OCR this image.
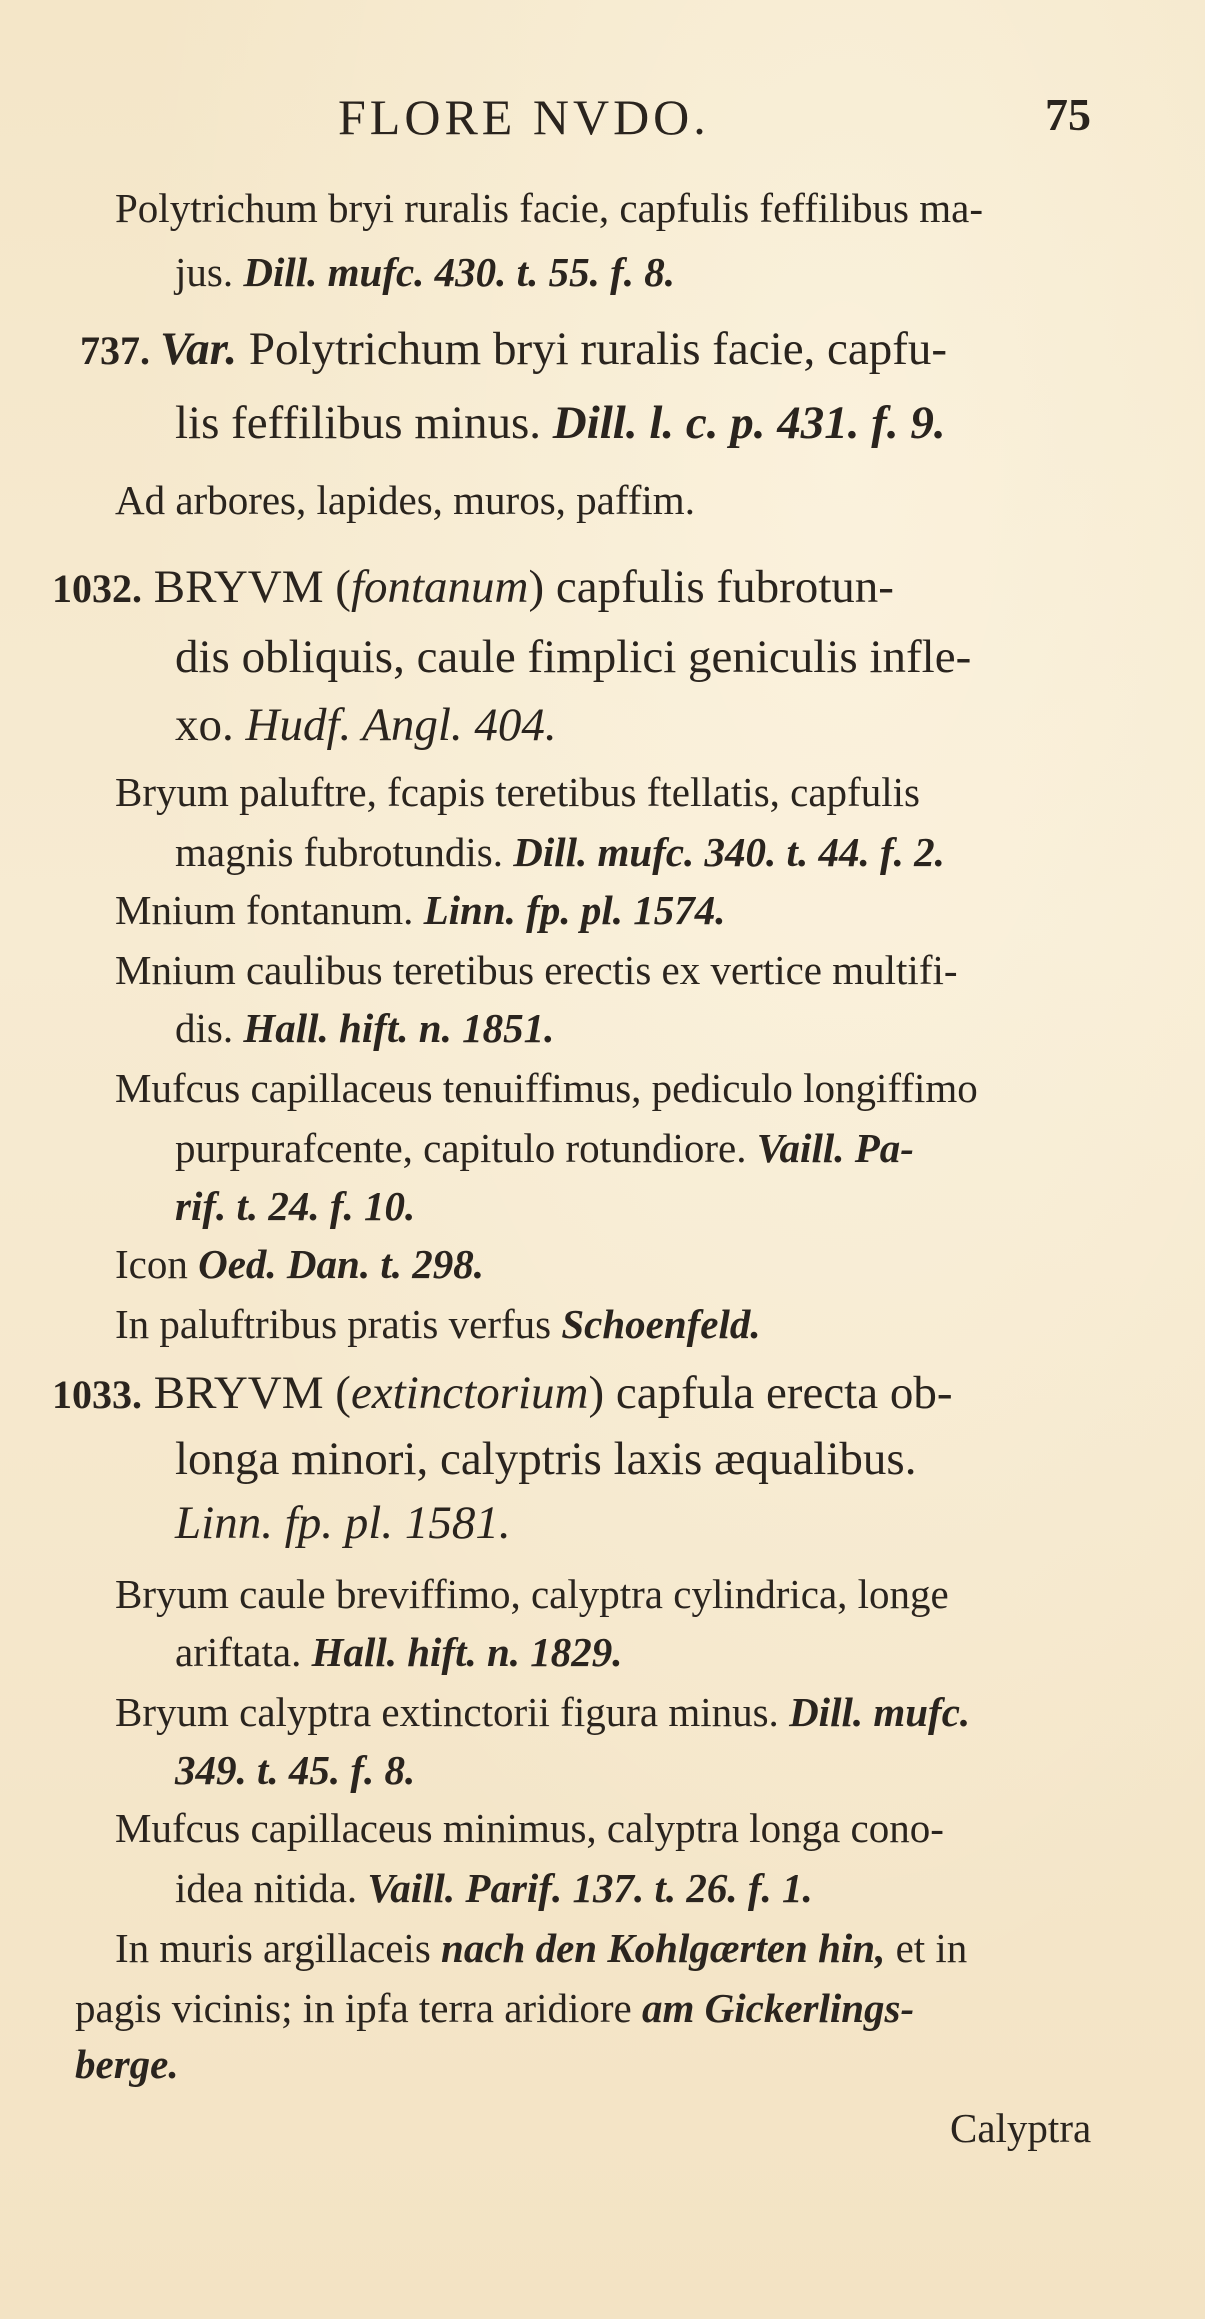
FLORE NVDO.	75
Polytrichum bryi ruralis facie, capfulis feffilibus ma-
jus. Dill. mufc. 430. t. 55. f. 8.
737. Var. Polytrichum bryi ruralis facie, capfu-
lis feffilibus minus. Dill. l. c. p. 431. f. 9.
Ad arbores, lapides, muros, paffim.
1032. BRYVM (fontanum) capfulis fubrotun-
dis obliquis, caule fimplici geniculis infle-
xo. Hudf. Angl. 404.
Bryum paluftre, fcapis teretibus ftellatis, capfulis
magnis fubrotundis. Dill. mufc. 340. t. 44. f. 2.
Mnium fontanum. Linn. fp. pl. 1574.
Mnium caulibus teretibus erectis ex vertice multifi-
dis. Hall. hift. n. 1851.
Mufcus capillaceus tenuiffimus, pediculo longiffimo
purpurafcente, capitulo rotundiore. Vaill. Pa-
rif. t. 24. f. 10.
Icon Oed. Dan. t. 298.
In paluftribus pratis verfus Schoenfeld.
1033. BRYVM (extinctorium) capfula erecta ob-
longa minori, calyptris laxis æqualibus.
Linn. fp. pl. 1581.
Bryum caule breviffimo, calyptra cylindrica, longe
ariftata. Hall. hift. n. 1829.
Bryum calyptra extinctorii figura minus. Dill. mufc.
349. t. 45. f. 8.
Mufcus capillaceus minimus, calyptra longa cono-
idea nitida. Vaill. Parif. 137. t. 26. f. 1.
In muris argillaceis nach den Kohlgærten hin, et in
pagis vicinis; in ipfa terra aridiore am Gickerlings-
berge.
Calyptra
